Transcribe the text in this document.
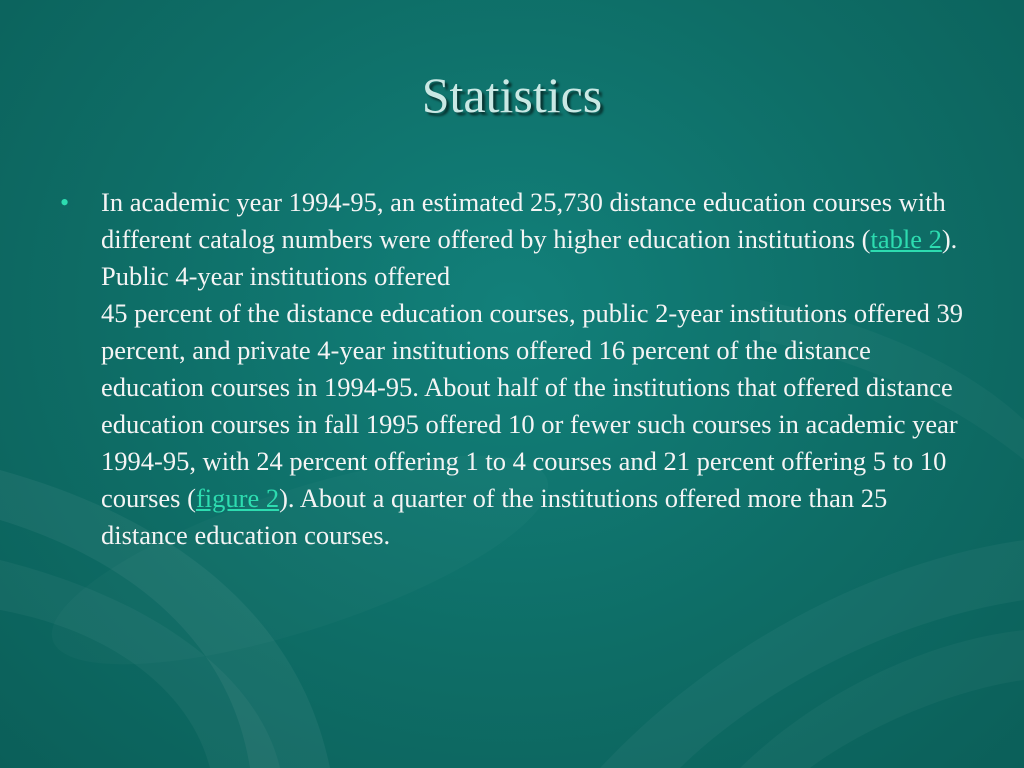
Statistics
• In academic year 1994-95, an estimated 25,730 distance education courses with different catalog numbers were offered by higher education institutions (table 2). Public 4-year institutions offered
45 percent of the distance education courses, public 2-year institutions offered 39 percent, and private 4-year institutions offered 16 percent of the distance education courses in 1994-95. About half of the institutions that offered distance education courses in fall 1995 offered 10 or fewer such courses in academic year 1994-95, with 24 percent offering 1 to 4 courses and 21 percent offering 5 to 10 courses (figure 2). About a quarter of the institutions offered more than 25 distance education courses.
